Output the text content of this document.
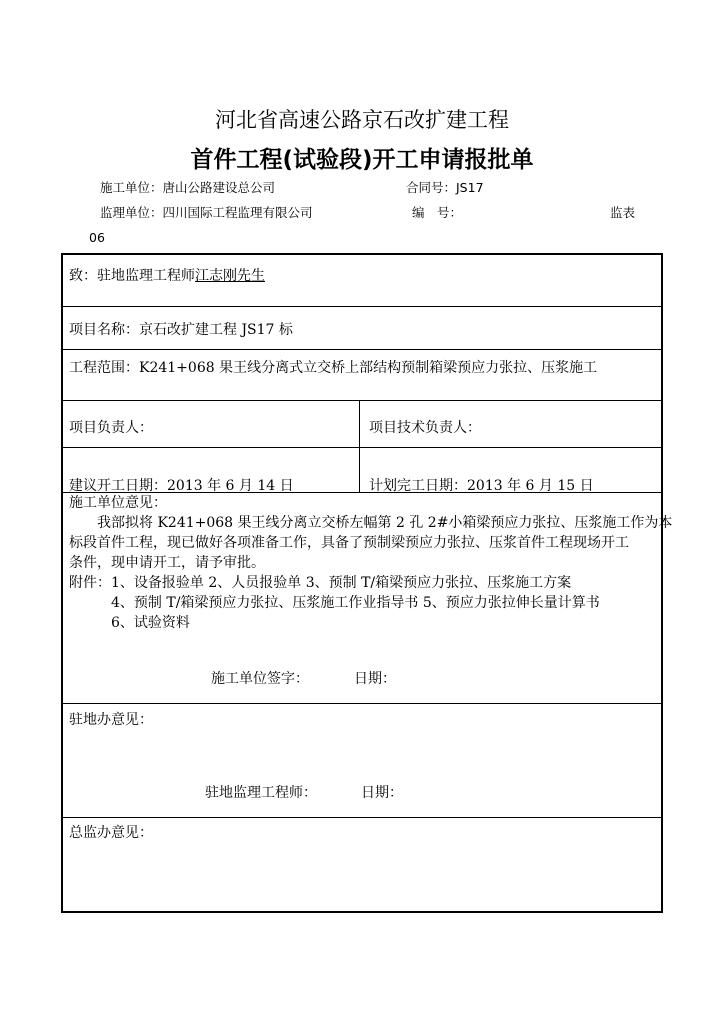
河北省高速公路京石改扩建工程
首件工程(试验段)开工申请报批单
施工单位：唐山公路建设总公司	合同号：JS17
监理单位：四川国际工程监理有限公司	编　号：	监表
06
致：驻地监理工程师江志刚先生
项目名称：京石改扩建工程 JS17 标
工程范围：K241+068 果王线分离式立交桥上部结构预制箱梁预应力张拉、压浆施工
项目负责人：	项目技术负责人：
建议开工日期：2013 年 6 月 14 日	计划完工日期：2013 年 6 月 15 日
施工单位意见：
我部拟将 K241+068 果王线分离立交桥左幅第 2 孔 2#小箱梁预应力张拉、压浆施工作为本
标段首件工程，现已做好各项准备工作，具备了预制梁预应力张拉、压浆首件工程现场开工
条件，现申请开工，请予审批。
附件：1、设备报验单 2、人员报验单 3、预制 T/箱梁预应力张拉、压浆施工方案
4、预制 T/箱梁预应力张拉、压浆施工作业指导书 5、预应力张拉伸长量计算书
6、试验资料
施工单位签字：	日期：
驻地办意见：
驻地监理工程师：	日期：
总监办意见：
